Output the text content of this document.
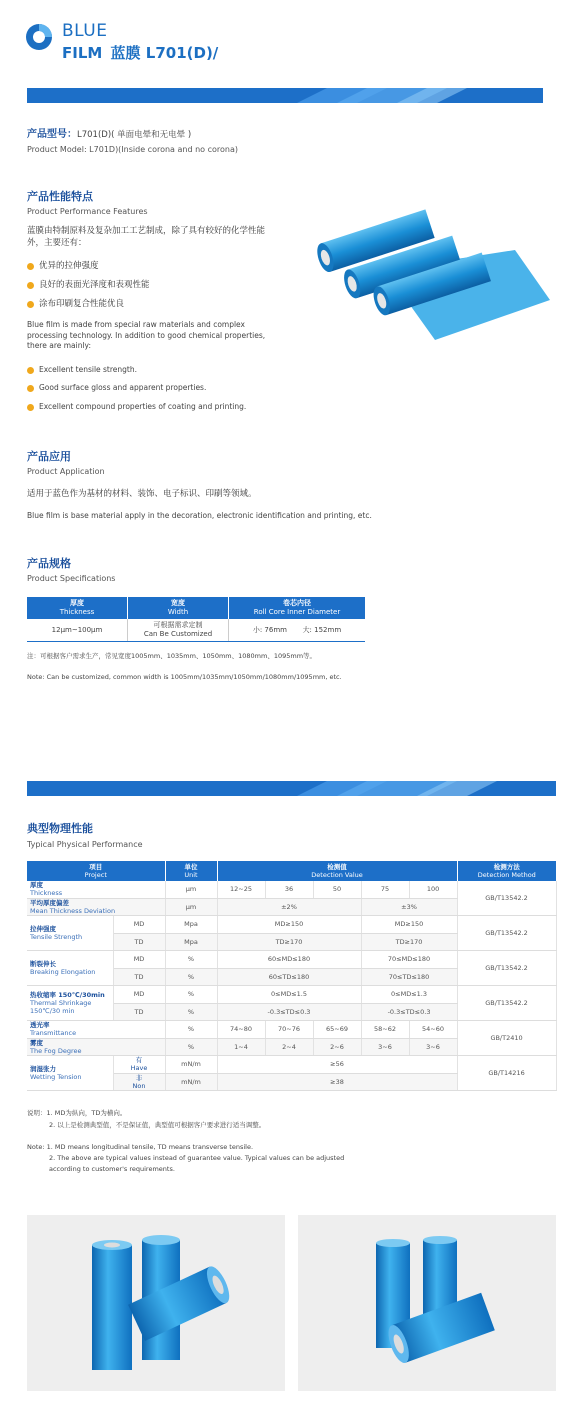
BLUE
FILM 蓝膜 L701(D)/
产品型号：L701(D)( 单面电晕和无电晕 )
Product Model: L701D)(Inside corona and no corona)
产品性能特点
Product Performance Features
蓝膜由特制原料及复杂加工工艺制成，除了具有较好的化学性能外，主要还有：
优异的拉伸强度
良好的表面光泽度和表观性能
涂布印刷复合性能优良
Blue film is made from special raw materials and complex processing technology. In addition to good chemical properties, there are mainly:
Excellent tensile strength.
Good surface gloss and apparent properties.
Excellent compound properties of coating and printing.
产品应用
Product Application
适用于蓝色作为基材的材料、装饰、电子标识、印刷等领域。
Blue film is base material apply in the decoration, electronic identification and printing, etc.
产品规格
Product Specifications
厚度
Thickness	宽度
Width	卷芯内径
Roll Core Inner Diameter

12μm~100μm	可根据需求定制
Can Be Customized	小: 76mm 大: 152mm
注：可根据客户需求生产，常见宽度1005mm、1035mm、1050mm、1080mm、1095mm等。
Note: Can be customized, common width is 1005mm/1035mm/1050mm/1080mm/1095mm, etc.
典型物理性能
Typical Physical Performance
项目
Project		单位
Unit	检测值
Detection Value					检测方法
Detection Method

厚度
Thickness		μm	12~25	36	50	75	100	GB/T13542.2
平均厚度偏差
Mean Thickness Deviation		μm	±2%			±3%		
拉伸强度
Tensile Strength	MD	Mpa	MD≥150			MD≥150		GB/T13542.2
	TD	Mpa	TD≥170			TD≥170		
断裂伸长
Breaking Elongation	MD	%	60≤MD≤180			70≤MD≤180		GB/T13542.2
	TD	%	60≤TD≤180			70≤TD≤180		
热收缩率 150℃/30min
Thermal Shrinkage
150℃/30 min	MD	%	0≤MD≤1.5			0≤MD≤1.3		GB/T13542.2
	TD	%	-0.3≤TD≤0.3			-0.3≤TD≤0.3		
透光率
Transmittance		%	74~80	70~76	65~69	58~62	54~60	GB/T2410
雾度
The Fog Degree		%	1~4	2~4	2~6	3~6	3~6	
润湿张力
Wetting Tension	有
Have	mN/m	≥56					GB/T14216
	非
Non	mN/m	≥38					
说明：1. MD为纵向，TD为横向。
2. 以上是检测典型值，不是保证值，典型值可根据客户要求进行适当调整。
Note: 1. MD means longitudinal tensile, TD means transverse tensile.
2. The above are typical values instead of guarantee value. Typical values can be adjusted
according to customer's requirements.
